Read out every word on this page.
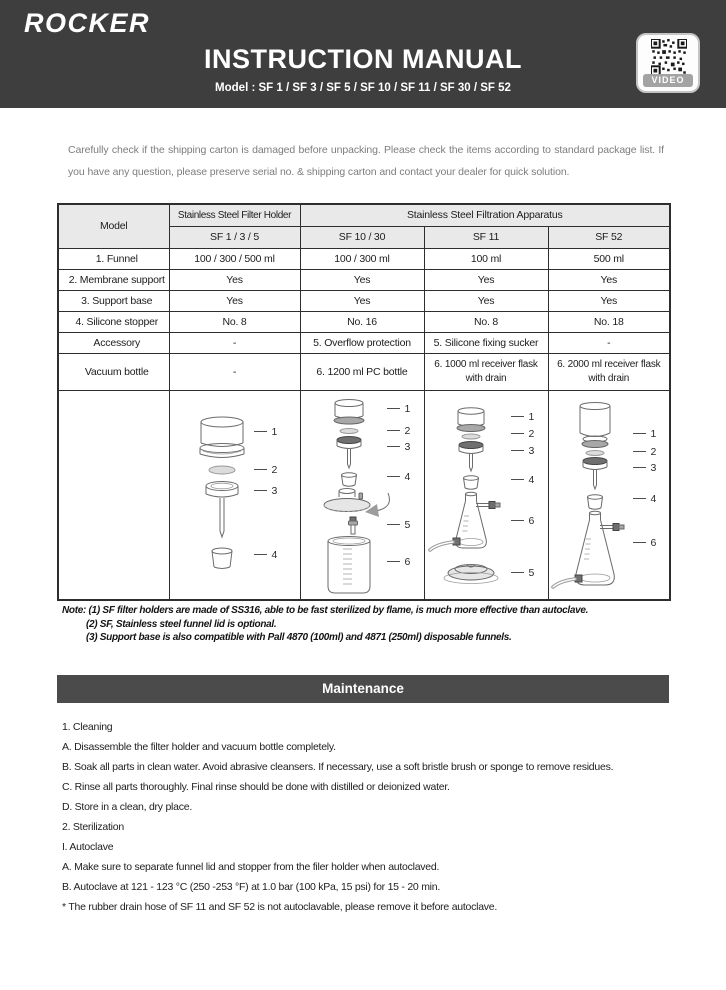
ROCKER
INSTRUCTION MANUAL
Model : SF 1 / SF 3 / SF 5 / SF 10 / SF 11 / SF 30 / SF 52
VIDEO
Carefully check if the shipping carton is damaged before unpacking. Please check the items according to standard package list. If you have any question, please preserve serial no. & shipping carton and contact your dealer for quick solution.
Model	Stainless Steel Filter Holder	Stainless Steel Filtration Apparatus		
	SF 1 / 3 / 5	SF 10 / 30	SF 11	SF 52
1. Funnel	100 / 300 / 500 ml	100 / 300 ml	100 ml	500 ml
2. Membrane support	Yes	Yes	Yes	Yes
3. Support base	Yes	Yes	Yes	Yes
4. Silicone stopper	No. 8	No. 16	No. 8	No. 18
Accessory	-	5. Overflow protection	5. Silicone fixing sucker	-
Vacuum bottle	-	6. 1200 ml PC bottle	6. 1000 ml receiver flask with drain	6. 2000 ml receiver flask with drain

1
2
3
4

1
2
3
4
5
6

1
2
3
4
6
5

1
2
3
4
6
Note: (1) SF filter holders are made of SS316, able to be fast sterilized by flame, is much more effective than autoclave.
(2) SF, Stainless steel funnel lid is optional.
(3) Support base is also compatible with Pall 4870 (100ml) and 4871 (250ml) disposable funnels.
Maintenance
1. Cleaning
A. Disassemble the filter holder and vacuum bottle completely.
B. Soak all parts in clean water. Avoid abrasive cleansers. If necessary, use a soft bristle brush or sponge to remove residues.
C. Rinse all parts thoroughly. Final rinse should be done with distilled or deionized water.
D. Store in a clean, dry place.
2. Sterilization
I. Autoclave
A. Make sure to separate funnel lid and stopper from the filer holder when autoclaved.
B. Autoclave at 121 - 123 °C (250 -253 °F) at 1.0 bar (100 kPa, 15 psi) for 15 - 20 min.
* The rubber drain hose of SF 11 and SF 52 is not autoclavable, please remove it before autoclave.
